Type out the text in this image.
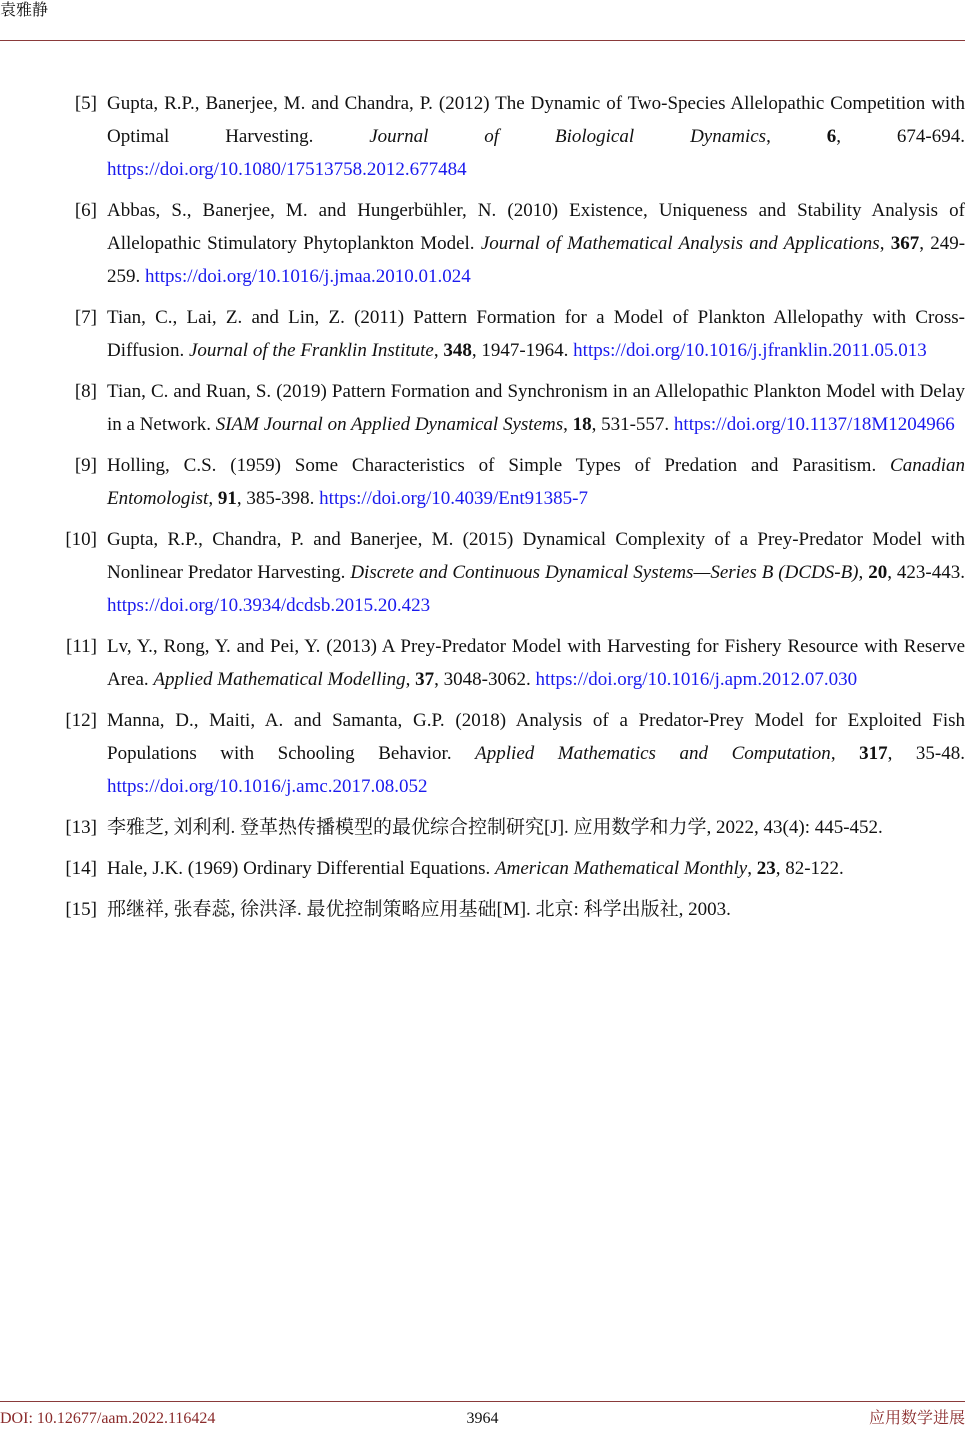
袁雅静
[5] Gupta, R.P., Banerjee, M. and Chandra, P. (2012) The Dynamic of Two-Species Allelopathic Competition with Optimal Harvesting. Journal of Biological Dynamics, 6, 674-694. https://doi.org/10.1080/17513758.2012.677484
[6] Abbas, S., Banerjee, M. and Hungerbühler, N. (2010) Existence, Uniqueness and Stability Analysis of Allelopathic Stimulatory Phytoplankton Model. Journal of Mathematical Analysis and Applications, 367, 249-259. https://doi.org/10.1016/j.jmaa.2010.01.024
[7] Tian, C., Lai, Z. and Lin, Z. (2011) Pattern Formation for a Model of Plankton Allelopathy with Cross-Diffusion. Journal of the Franklin Institute, 348, 1947-1964. https://doi.org/10.1016/j.jfranklin.2011.05.013
[8] Tian, C. and Ruan, S. (2019) Pattern Formation and Synchronism in an Allelopathic Plankton Model with Delay in a Network. SIAM Journal on Applied Dynamical Systems, 18, 531-557. https://doi.org/10.1137/18M1204966
[9] Holling, C.S. (1959) Some Characteristics of Simple Types of Predation and Parasitism. Canadian Entomologist, 91, 385-398. https://doi.org/10.4039/Ent91385-7
[10] Gupta, R.P., Chandra, P. and Banerjee, M. (2015) Dynamical Complexity of a Prey-Predator Model with Nonlinear Predator Harvesting. Discrete and Continuous Dynamical Systems—Series B (DCDS-B), 20, 423-443. https://doi.org/10.3934/dcdsb.2015.20.423
[11] Lv, Y., Rong, Y. and Pei, Y. (2013) A Prey-Predator Model with Harvesting for Fishery Resource with Reserve Area. Applied Mathematical Modelling, 37, 3048-3062. https://doi.org/10.1016/j.apm.2012.07.030
[12] Manna, D., Maiti, A. and Samanta, G.P. (2018) Analysis of a Predator-Prey Model for Exploited Fish Populations with Schooling Behavior. Applied Mathematics and Computation, 317, 35-48. https://doi.org/10.1016/j.amc.2017.08.052
[13] 李雅芝, 刘利利. 登革热传播模型的最优综合控制研究[J]. 应用数学和力学, 2022, 43(4): 445-452.
[14] Hale, J.K. (1969) Ordinary Differential Equations. American Mathematical Monthly, 23, 82-122.
[15] 邢继祥, 张春蕊, 徐洪泽. 最优控制策略应用基础[M]. 北京: 科学出版社, 2003.
DOI: 10.12677/aam.2022.116424	3964	应用数学进展
